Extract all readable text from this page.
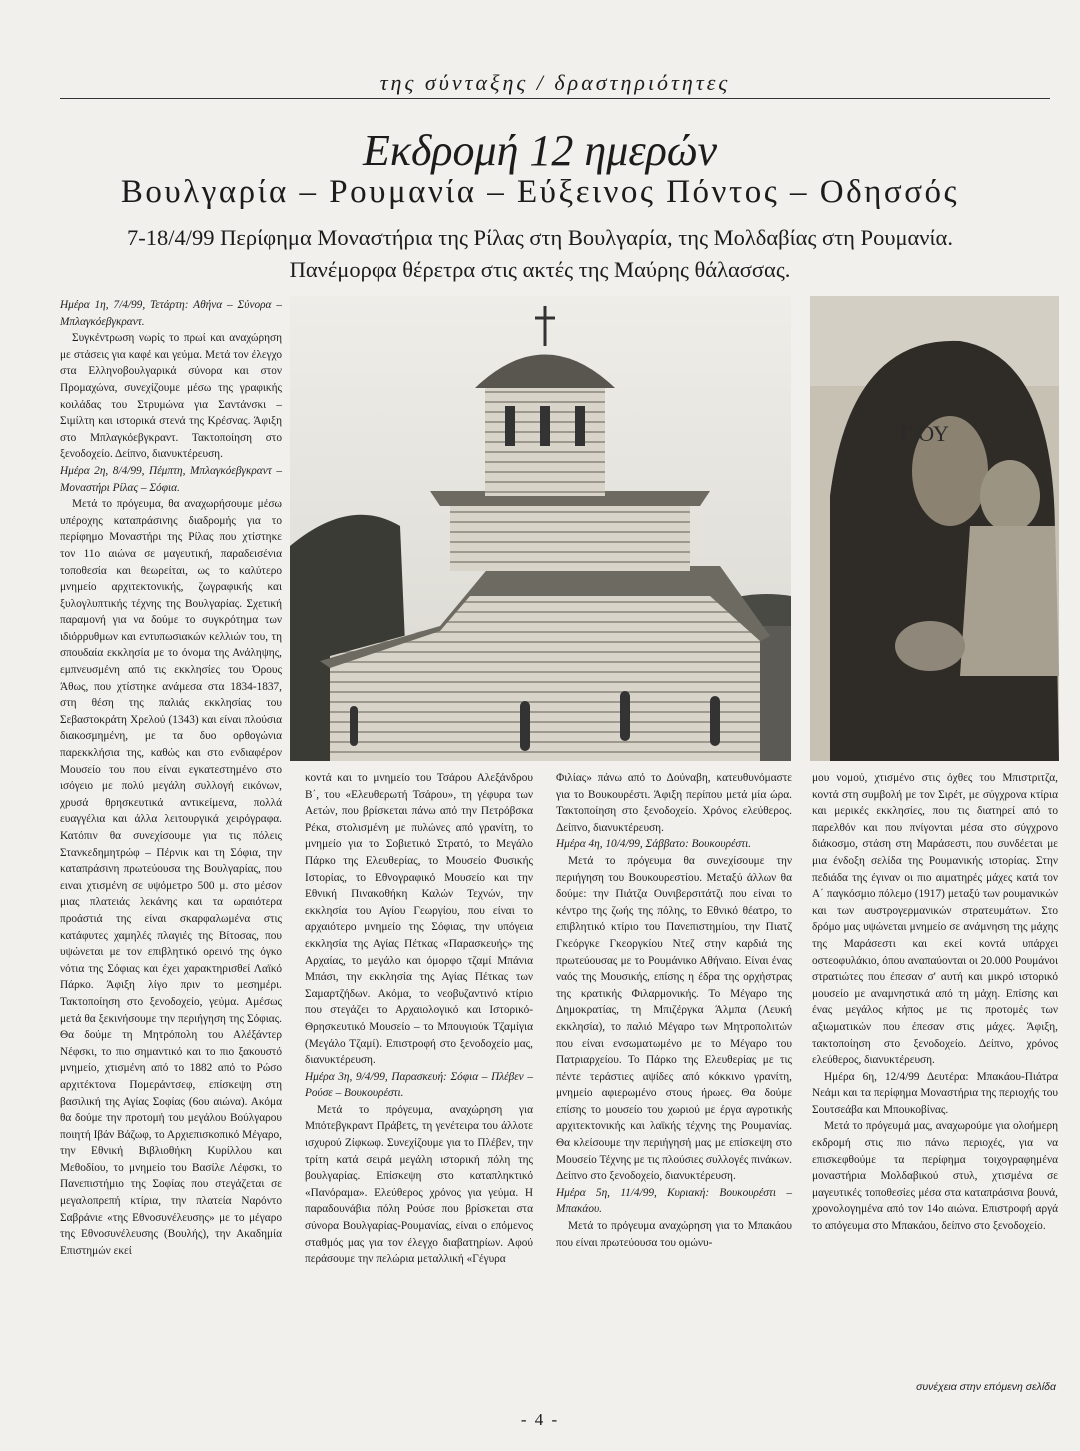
της σύνταξης / δραστηριότητες
Εκδρομή 12 ημερών
Βουλγαρία – Ρουμανία – Εύξεινος Πόντος – Οδησσός
7-18/4/99 Περίφημα Μοναστήρια της Ρίλας στη Βουλγαρία, της Μολδαβίας στη Ρουμανία.
Πανέμορφα θέρετρα στις ακτές της Μαύρης θάλασσας.
Γ ΟΥ

Ημέρα 1η, 7/4/99, Τετάρτη: Αθήνα – Σύνορα – Μπλαγκόεβγκραντ.

Συγκέντρωση νωρίς το πρωί και αναχώρηση με στάσεις για καφέ και γεύμα. Μετά τον έλεγχο στα Ελληνοβουλγαρικά σύνορα και στον Προμαχώνα, συνεχίζουμε μέσω της γραφικής κοιλάδας του Στρυμώνα για Σαντάνσκι – Σιμίλτη και ιστορικά στενά της Κρέσνας. Άφιξη στο Μπλαγκόεβγκραντ. Τακτοποίηση στο ξενοδοχείο. Δείπνο, διανυκτέρευση.

Ημέρα 2η, 8/4/99, Πέμπτη, Μπλαγκόεβγκραντ – Μοναστήρι Ρίλας – Σόφια.

Μετά το πρόγευμα, θα αναχωρήσουμε μέσω υπέροχης καταπράσινης διαδρομής για το περίφημο Μοναστήρι της Ρίλας που χτίστηκε τον 11ο αιώνα σε μαγευτική, παραδεισένια τοποθεσία και θεωρείται, ως το καλύτερο μνημείο αρχιτεκτονικής, ζωγραφικής και ξυλογλυπτικής τέχνης της Βουλγαρίας. Σχετική παραμονή για να δούμε το συγκρότημα των ιδιόρρυθμων και εντυπωσιακών κελλιών του, τη σπουδαία εκκλησία με το όνομα της Ανάληψης, εμπνευσμένη από τις εκκλησίες του Όρους Άθως, που χτίστηκε ανάμεσα στα 1834-1837, στη θέση της παλιάς εκκλησίας του Σεβαστοκράτη Χρελού (1343) και είναι πλούσια διακοσμημένη, με τα δυο ορθογώνια παρεκκλήσια της, καθώς και στο ενδιαφέρον Μουσείο του που είναι εγκατεστημένο στο ισόγειο με πολύ μεγάλη συλλογή εικόνων, χρυσά θρησκευτικά αντικείμενα, πολλά ευαγγέλια και άλλα λειτουργικά χειρόγραφα. Κατόπιν θα συνεχίσουμε για τις πόλεις Στανκεδημητρώφ – Πέρνικ και τη Σόφια, την καταπράσινη πρωτεύουσα της Βουλγαρίας, που ειναι χτισμένη σε υψόμετρο 500 μ. στο μέσον μιας πλατειάς λεκάνης και τα ωραιότερα προάστιά της είναι σκαρφαλωμένα στις κατάφυτες χαμηλές πλαγιές της Βίτοσας, που υψώνεται με τον επιβλητικό ορεινό της όγκο νότια της Σόφιας και έχει χαρακτηρισθεί Λαϊκό Πάρκο. Άφιξη λίγο πριν το μεσημέρι. Τακτοποίηση στο ξενοδοχείο, γεύμα. Αμέσως μετά θα ξεκινήσουμε την περιήγηση της Σόφιας. Θα δούμε τη Μητρόπολη του Αλέξάντερ Νέφσκι, το πιο σημαντικό και το πιο ξακουστό μνημείο, χτισμένη από το 1882 από το Ρώσο αρχιτέκτονα Πομεράντσεφ, επίσκεψη στη βασιλική της Αγίας Σοφίας (6ου αιώνα). Ακόμα θα δούμε την προτομή του μεγάλου Βούλγαρου ποιητή Ιβάν Βάζωφ, το Αρχιεπισκοπικό Μέγαρο, την Εθνική Βιβλιοθήκη Κυρίλλου και Μεθοδίου, το μνημείο του Βασίλε Λέφσκι, το Πανεπιστήμιο της Σοφίας που στεγάζεται σε μεγαλοπρεπή κτίρια, την πλατεία Ναρόντο Σαβράνιε «της Εθνοσυνέλευσης» με το μέγαρο της Εθνοσυνέλευσης (Βουλής), την Ακαδημία Επιστημών εκεί

κοντά και το μνημείο του Τσάρου Αλεξάνδρου Β΄, του «Ελευθερωτή Τσάρου», τη γέφυρα των Αετών, που βρίσκεται πάνω από την Πετρόβσκα Ρέκα, στολισμένη με πυλώνες από γρανίτη, το μνημείο για το Σοβιετικό Στρατό, το Μεγάλο Πάρκο της Ελευθερίας, το Μουσείο Φυσικής Ιστορίας, το Εθνογραφικό Μουσείο και την Εθνική Πινακοθήκη Καλών Τεχνών, την εκκλησία του Αγίου Γεωργίου, που είναι το αρχαιότερο μνημείο της Σόφιας, την υπόγεια εκκλησία της Αγίας Πέτκας «Παρασκευής» της Αρχαίας, το μεγάλο και όμορφο τζαμί Μπάνια Μπάσι, την εκκλησία της Αγίας Πέτκας των Σαμαρτζήδων. Ακόμα, το νεοβυζαντινό κτίριο που στεγάζει το Αρχαιολογικό και Ιστορικό-Θρησκευτικό Μουσείο – το Μπουγιούκ Τζαμίγια (Μεγάλο Τζαμί). Επιστροφή στο ξενοδοχείο μας, διανυκτέρευση.

Ημέρα 3η, 9/4/99, Παρασκευή: Σόφια – Πλέβεν – Ρούσε – Βουκουρέστι.

Μετά το πρόγευμα, αναχώρηση για Μπότεβγκραντ Πράβετς, τη γενέτειρα του άλλοτε ισχυρού Ζίφκωφ. Συνεχίζουμε για το Πλέβεν, την τρίτη κατά σειρά μεγάλη ιστορική πόλη της βουλγαρίας. Επίσκεψη στο καταπληκτικό «Πανόραμα». Ελεύθερος χρόνος για γεύμα. Η παραδουνάβια πόλη Ρούσε που βρίσκεται στα σύνορα Βουλγαρίας-Ρουμανίας, είναι ο επόμενος σταθμός μας για τον έλεγχο διαβατηρίων. Αφού περάσουμε την πελώρια μεταλλική «Γέγυρα

Φιλίας» πάνω από το Δούναβη, κατευθυνόμαστε για το Βουκουρέστι. Άφιξη περίπου μετά μία ώρα. Τακτοποίηση στο ξενοδοχείο. Χρόνος ελεύθερος. Δείπνο, διανυκτέρευση.

Ημέρα 4η, 10/4/99, Σάββατο: Βουκουρέστι.

Μετά το πρόγευμα θα συνεχίσουμε την περιήγηση του Βουκουρεστίου. Μεταξύ άλλων θα δούμε: την Πιάτζα Ουνιβερσιτάτζι που είναι το κέντρο της ζωής της πόλης, το Εθνικό θέατρο, το επιβλητικό κτίριο του Πανεπιστημίου, την Πιατζ Γκεόργκε Γκεοργκίου Ντεζ στην καρδιά της πρωτεύουσας με το Ρουμάνικο Αθήναιο. Είναι ένας ναός της Μουσικής, επίσης η έδρα της ορχήστρας της κρατικής Φιλαρμονικής. Το Μέγαρο της Δημοκρατίας, τη Μπιζέργκα Άλμπα (Λευκή εκκλησία), το παλιό Μέγαρο των Μητροπολιτών που είναι ενσωματωμένο με το Μέγαρο του Πατριαρχείου. Το Πάρκο της Ελευθερίας με τις πέντε τεράστιες αψίδες από κόκκινο γρανίτη, μνημείο αφιερωμένο στους ήρωες. Θα δούμε επίσης το μουσείο του χωριού με έργα αγροτικής αρχιτεκτονικής και λαϊκής τέχνης της Ρουμανίας. Θα κλείσουμε την περιήγησή μας με επίσκεψη στο Μουσείο Τέχνης με τις πλούσιες συλλογές πινάκων. Δείπνο στο ξενοδοχείο, διανυκτέρευση.

Ημέρα 5η, 11/4/99, Κυριακή: Βουκουρέστι – Μπακάου.

Μετά το πρόγευμα αναχώρηση για το Μπακάου που είναι πρωτεύουσα του ομώνυ-

μου νομού, χτισμένο στις όχθες του Μπιστριτζα, κοντά στη συμβολή με τον Σιρέτ, με σύγχρονα κτίρια και μερικές εκκλησίες, που τις διατηρεί από το παρελθόν και που πνίγονται μέσα στο σύγχρονο διάκοσμο, στάση στη Μαράσεστι, που συνδέεται με μια ένδοξη σελίδα της Ρουμανικής ιστορίας. Στην πεδιάδα της έγιναν οι πιο αιματηρές μάχες κατά τον Α΄ παγκόσμιο πόλεμο (1917) μεταξύ των ρουμανικών και των αυστρογερμανικών στρατευμάτων. Στο δρόμο μας υψώνεται μνημείο σε ανάμνηση της μάχης της Μαράσεστι και εκεί κοντά υπάρχει οστεοφυλάκιο, όπου αναπαύονται οι 20.000 Ρουμάνοι στρατιώτες που έπεσαν σ' αυτή και μικρό ιστορικό μουσείο με αναμνηστικά από τη μάχη. Επίσης και ένας μεγάλος κήπος με τις προτομές των αξιωματικών που έπεσαν στις μάχες. Άφιξη, τακτοποίηση στο ξενοδοχείο. Δείπνο, χρόνος ελεύθερος, διανυκτέρευση.

Ημέρα 6η, 12/4/99 Δευτέρα: Μπακάου-Πιάτρα Νεάμι και τα περίφημα Μοναστήρια της περιοχής του Σουτσεάβα και Μπουκοβίνας.

Μετά το πρόγευμά μας, αναχωρούμε για ολοήμερη εκδρομή στις πιο πάνω περιοχές, για να επισκεφθούμε τα περίφημα τοιχογραφημένα μοναστήρια Μολδαβικού στυλ, χτισμένα σε μαγευτικές τοποθεσίες μέσα στα καταπράσινα βουνά, χρονολογημένα από τον 14ο αιώνα. Επιστροφή αργά το απόγευμα στο Μπακάου, δείπνο στο ξενοδοχείο.

συνέχεια στην επόμενη σελίδα
- 4 -
